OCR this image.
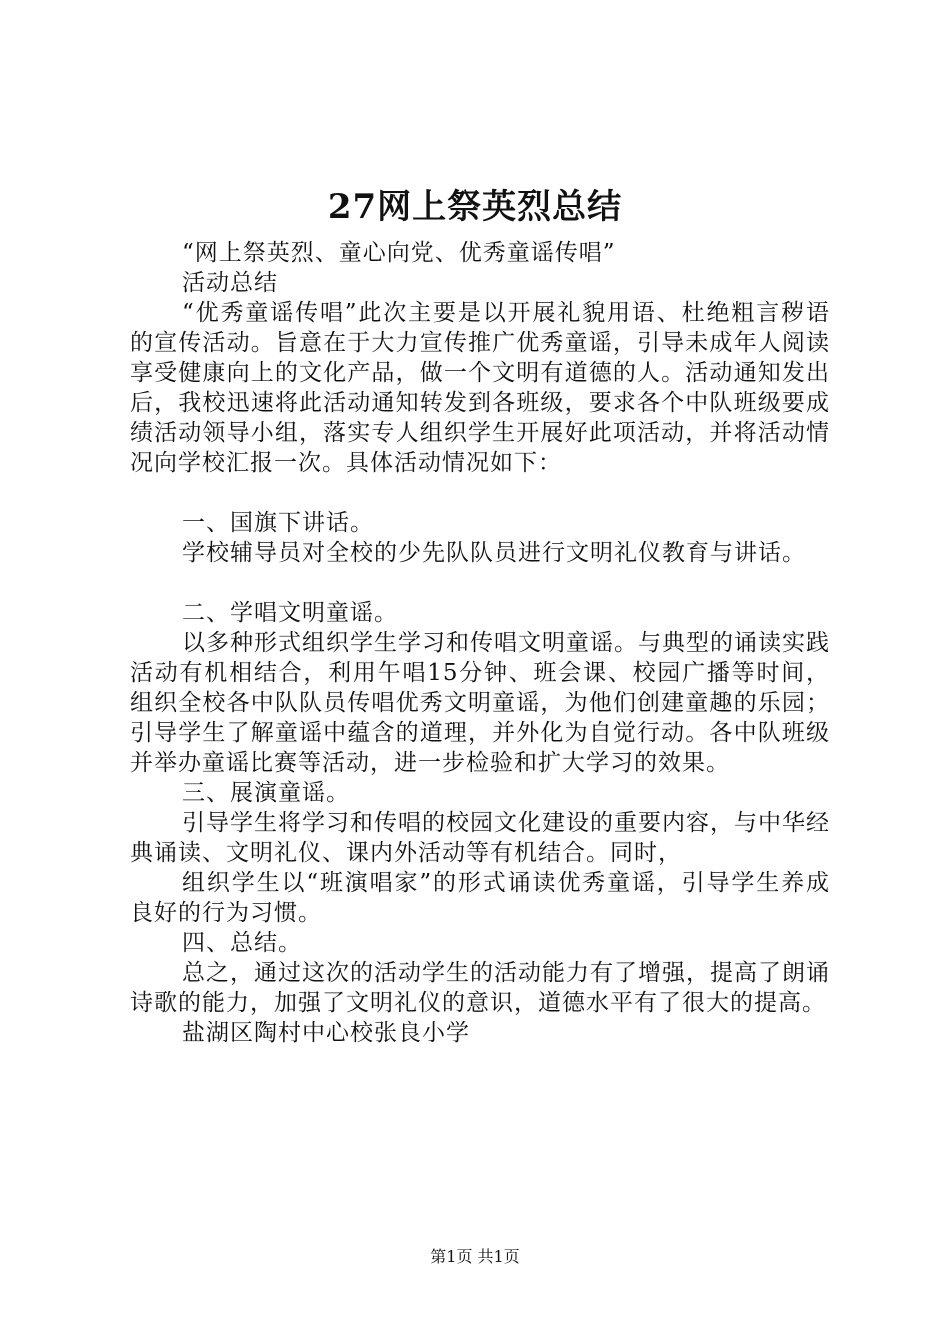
27网上祭英烈总结
“网上祭英烈、童心向党、优秀童谣传唱”
活动总结
“优秀童谣传唱”此次主要是以开展礼貌用语、杜绝粗言秽语的宣传活动。旨意在于大力宣传推广优秀童谣，引导未成年人阅读享受健康向上的文化产品，做一个文明有道德的人。活动通知发出后，我校迅速将此活动通知转发到各班级，要求各个中队班级要成绩活动领导小组，落实专人组织学生开展好此项活动，并将活动情况向学校汇报一次。具体活动情况如下：
一、国旗下讲话。
学校辅导员对全校的少先队队员进行文明礼仪教育与讲话。
二、学唱文明童谣。
以多种形式组织学生学习和传唱文明童谣。与典型的诵读实践活动有机相结合，利用午唱15分钟、班会课、校园广播等时间，组织全校各中队队员传唱优秀文明童谣，为他们创建童趣的乐园；引导学生了解童谣中蕴含的道理，并外化为自觉行动。各中队班级并举办童谣比赛等活动，进一步检验和扩大学习的效果。
三、展演童谣。
引导学生将学习和传唱的校园文化建设的重要内容，与中华经典诵读、文明礼仪、课内外活动等有机结合。同时，
组织学生以“班演唱家”的形式诵读优秀童谣，引导学生养成良好的行为习惯。
四、总结。
总之，通过这次的活动学生的活动能力有了增强，提高了朗诵诗歌的能力，加强了文明礼仪的意识，道德水平有了很大的提高。
盐湖区陶村中心校张良小学
第1页 共1页
